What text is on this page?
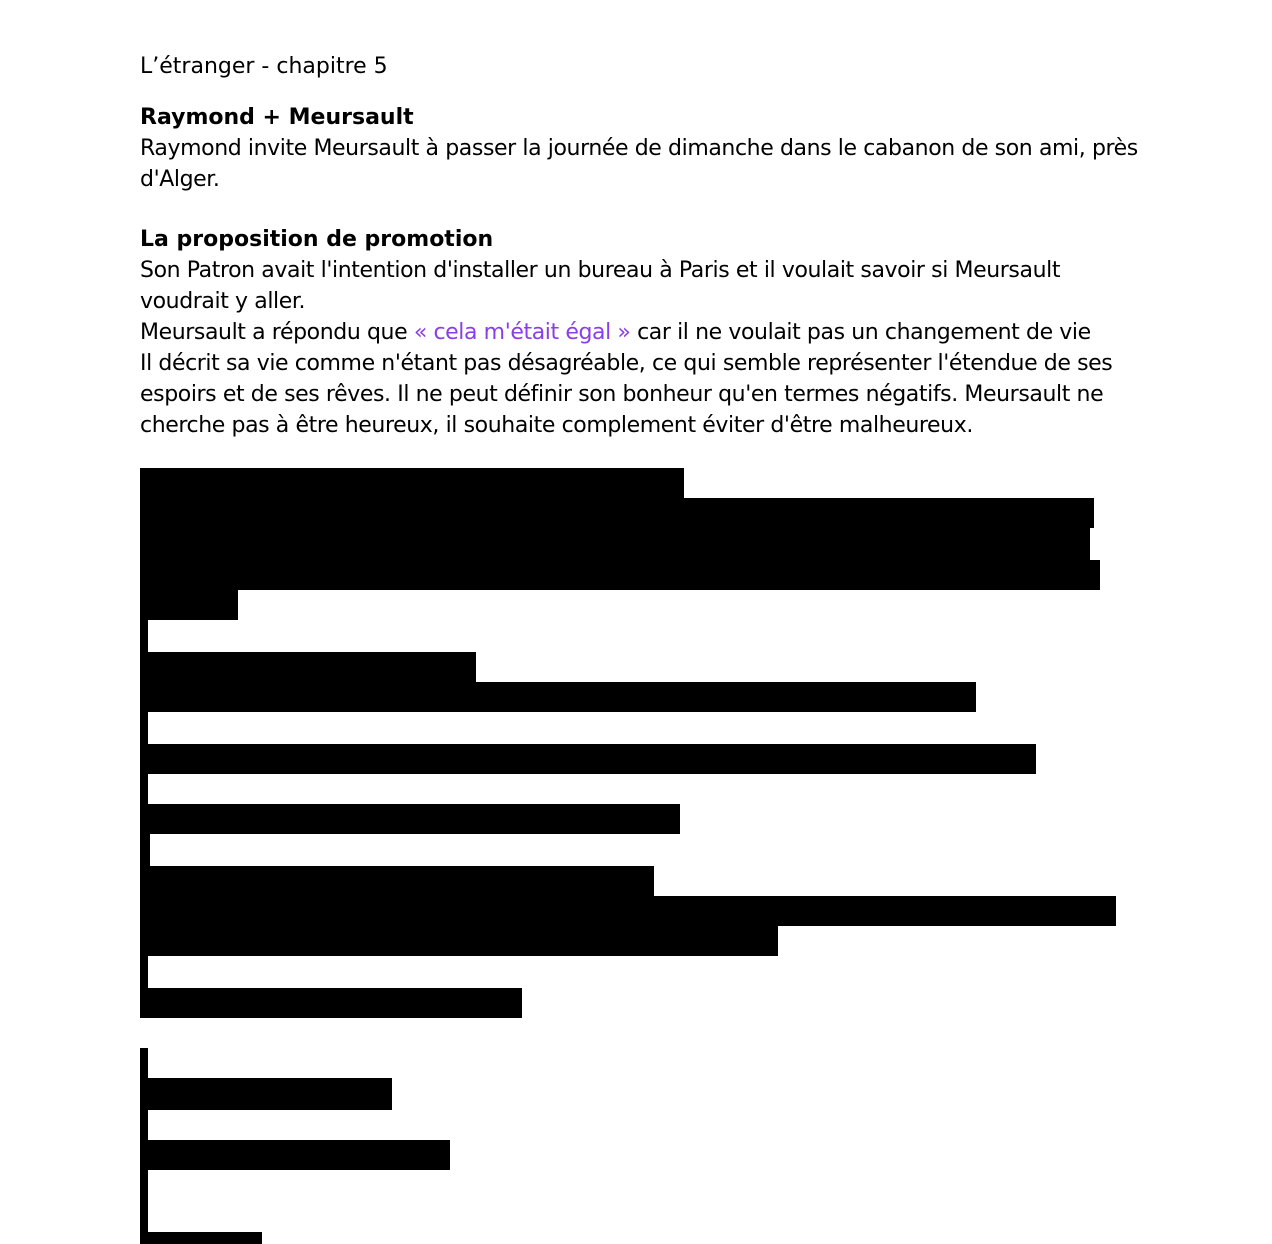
L’étranger - chapitre 5
Raymond + Meursault
Raymond invite Meursault à passer la journée de dimanche dans le cabanon de son ami, près
d'Alger.
La proposition de promotion
Son Patron avait l'intention d'installer un bureau à Paris et il voulait savoir si Meursault
voudrait y aller.
Meursault a répondu que « cela m'était égal » car il ne voulait pas un changement de vie
Il décrit sa vie comme n'étant pas désagréable, ce qui semble représenter l'étendue de ses
espoirs et de ses rêves. Il ne peut définir son bonheur qu'en termes négatifs. Meursault ne
cherche pas à être heureux, il souhaite complement éviter d'être malheureux.
